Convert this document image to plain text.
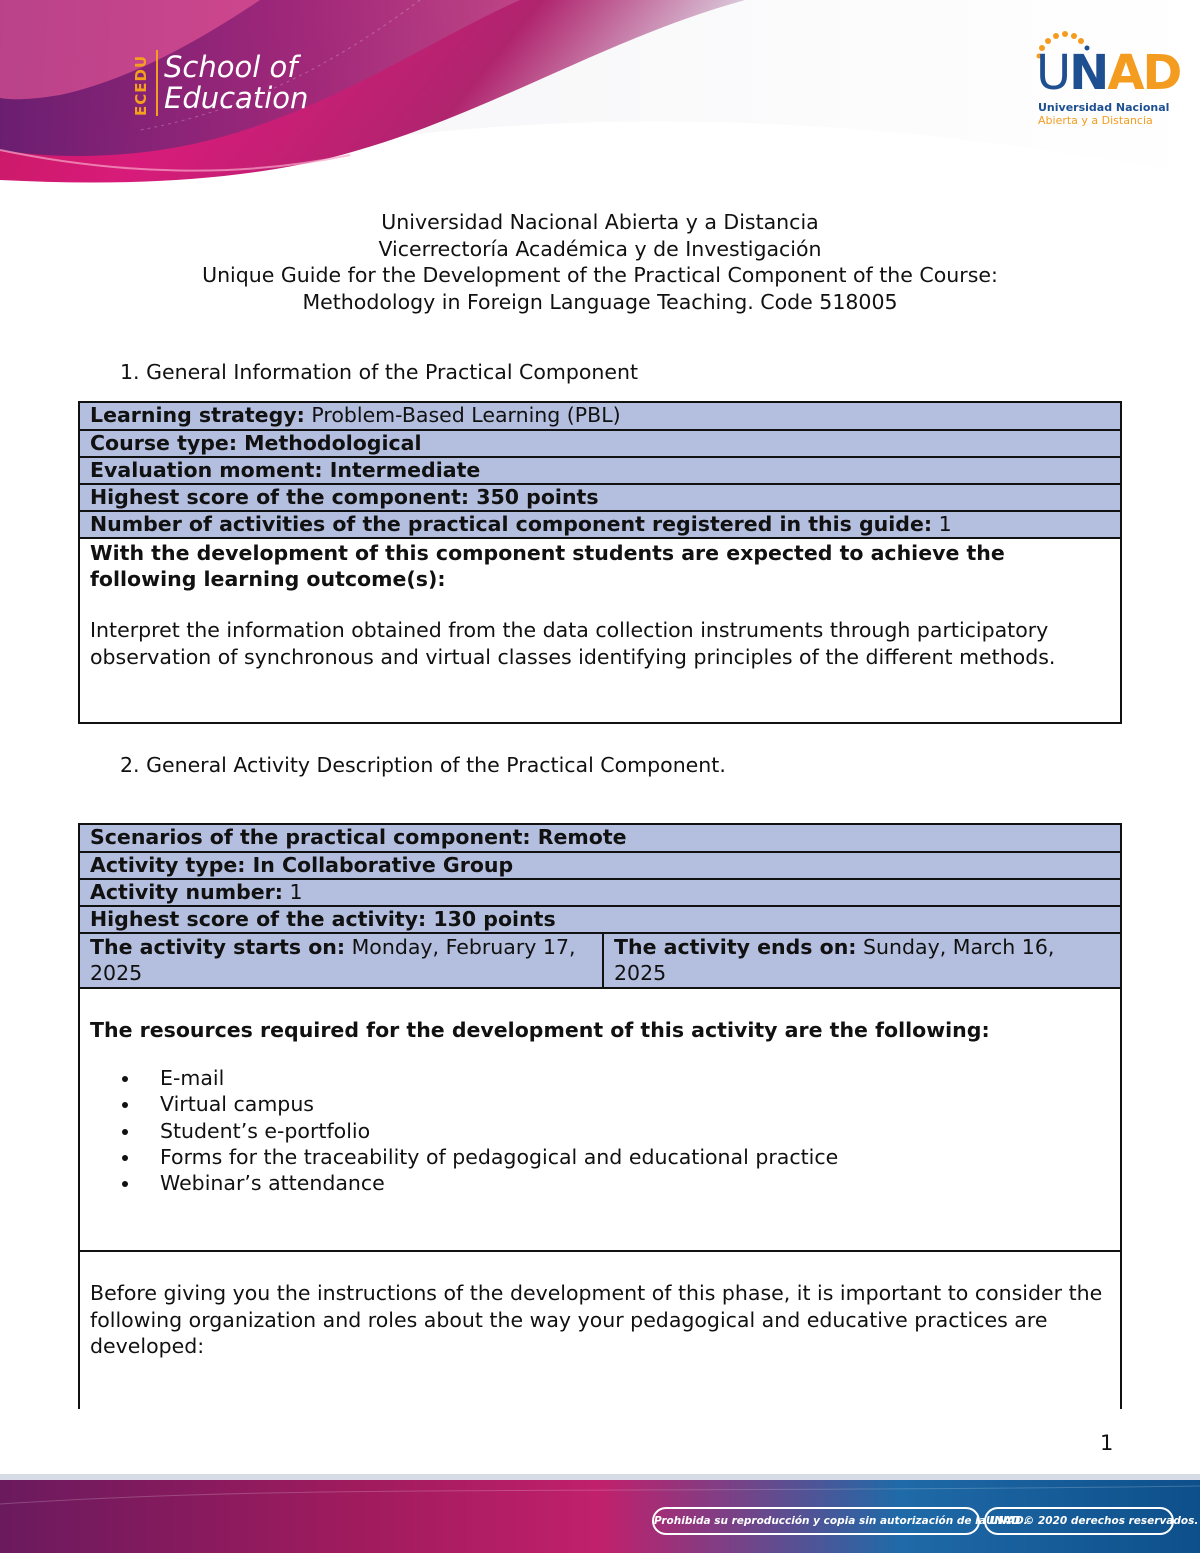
ECEDU School of
Education	UNAD
Universidad Nacional
Abierta y a Distancia
Universidad Nacional Abierta y a Distancia
Vicerrectoría Académica y de Investigación
Unique Guide for the Development of the Practical Component of the Course:
Methodology in Foreign Language Teaching. Code 518005
1. General Information of the Practical Component
Learning strategy: Problem-Based Learning (PBL)
Course type: Methodological
Evaluation moment: Intermediate
Highest score of the component: 350 points
Number of activities of the practical component registered in this guide: 1
With the development of this component students are expected to achieve the following learning outcome(s):
Interpret the information obtained from the data collection instruments through participatory observation of synchronous and virtual classes identifying principles of the different methods.
2. General Activity Description of the Practical Component.
Scenarios of the practical component: Remote
Activity type: In Collaborative Group
Activity number: 1
Highest score of the activity: 130 points
The activity starts on: Monday, February 17, 2025
The activity ends on: Sunday, March 16, 2025
The resources required for the development of this activity are the following:
E-mail
Virtual campus
Student’s e-portfolio
Forms for the traceability of pedagogical and educational practice
Webinar’s attendance
Before giving you the instructions of the development of this phase, it is important to consider the following organization and roles about the way your pedagogical and educative practices are developed:
1
Prohibida su reproducción y copia sin autorización de la UNAD.
UNAD © 2020 derechos reservados.
